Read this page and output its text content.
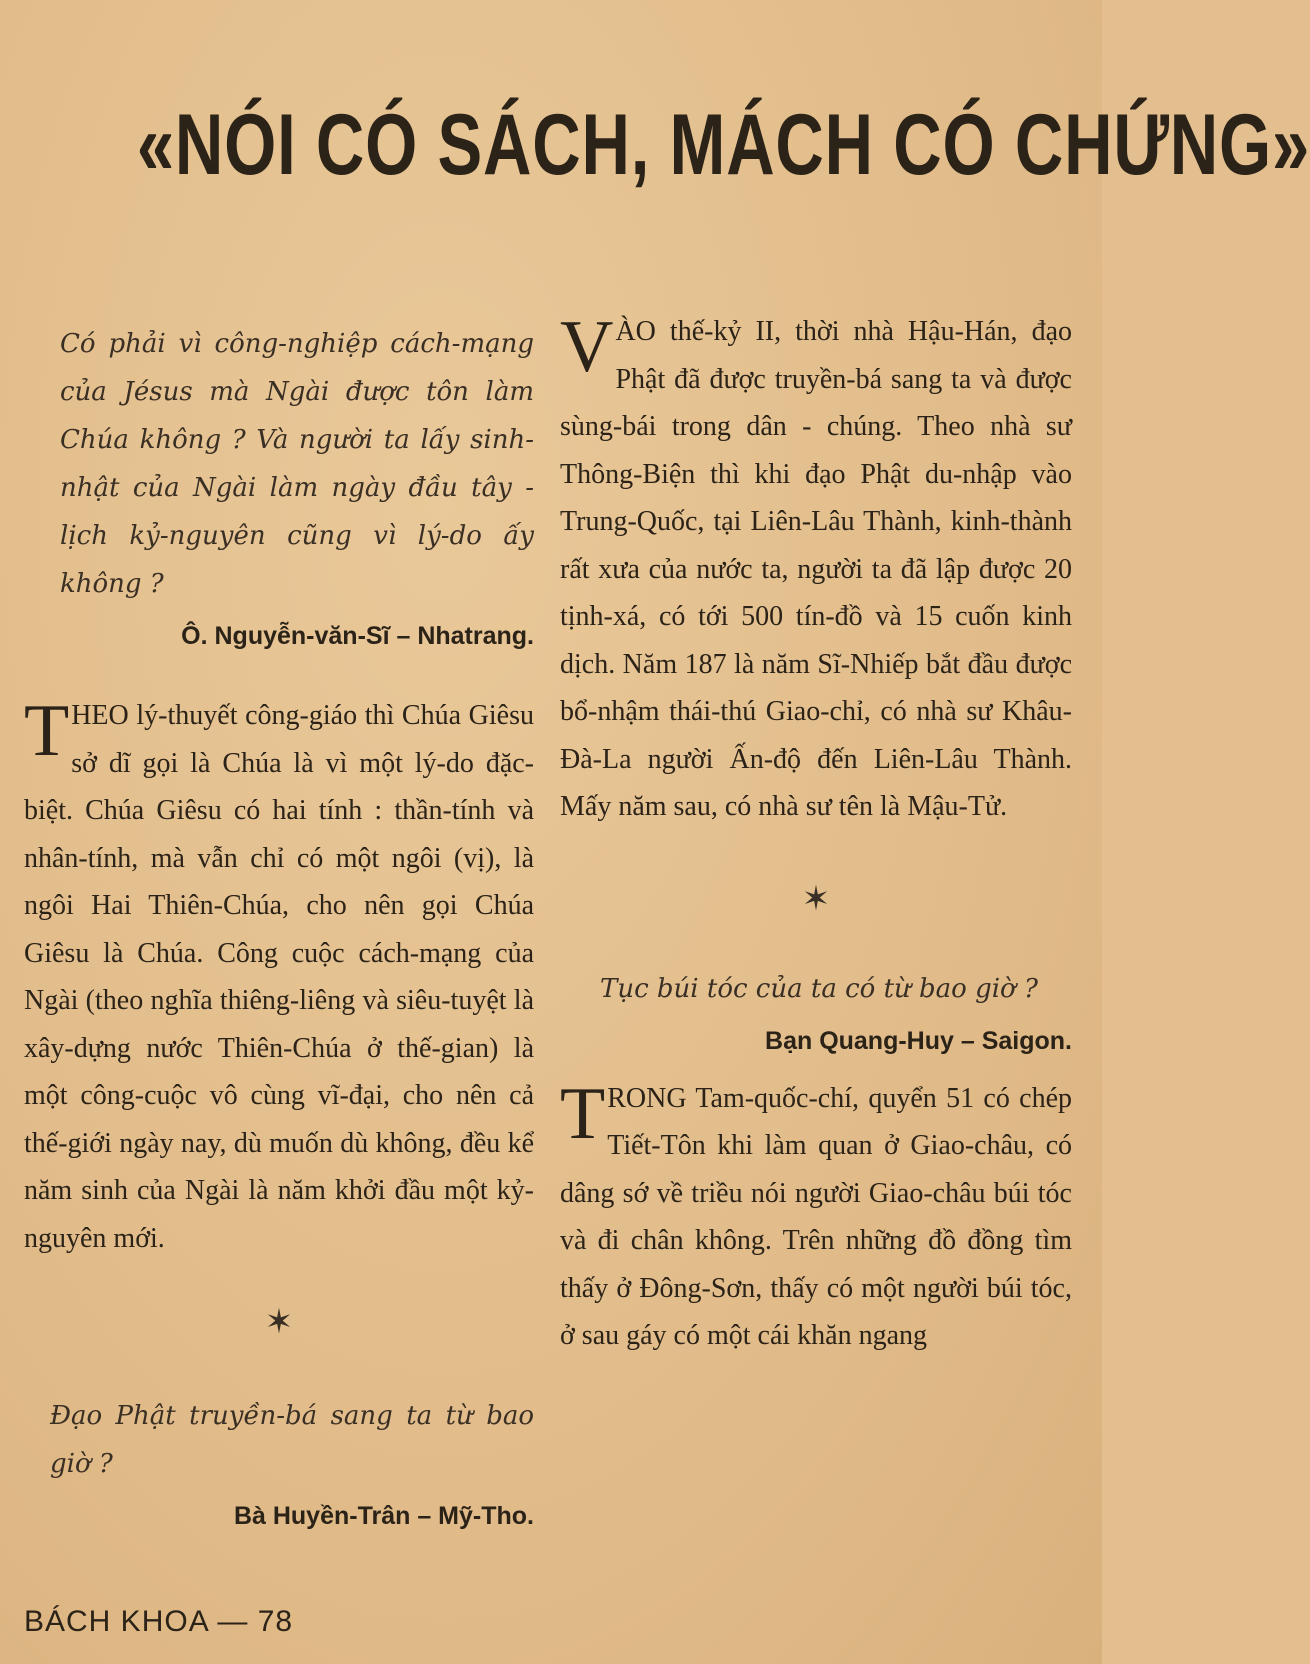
«NÓI CÓ SÁCH, MÁCH CÓ CHỨNG»
Có phải vì công-nghiệp cách-mạng của Jésus mà Ngài được tôn làm Chúa không ? Và người ta lấy sinh-nhật của Ngài làm ngày đầu tây - lịch kỷ-nguyên cũng vì lý-do ấy không ?
Ô. Nguyễn-văn-Sĩ – Nhatrang.
THEO lý-thuyết công-giáo thì Chúa Giêsu sở dĩ gọi là Chúa là vì một lý-do đặc-biệt. Chúa Giêsu có hai tính : thần-tính và nhân-tính, mà vẫn chỉ có một ngôi (vị), là ngôi Hai Thiên-Chúa, cho nên gọi Chúa Giêsu là Chúa. Công cuộc cách-mạng của Ngài (theo nghĩa thiêng-liêng và siêu-tuyệt là xây-dựng nước Thiên-Chúa ở thế-gian) là một công-cuộc vô cùng vĩ-đại, cho nên cả thế-giới ngày nay, dù muốn dù không, đều kể năm sinh của Ngài là năm khởi đầu một kỷ-nguyên mới.
✶
Đạo Phật truyền-bá sang ta từ bao giờ ?
Bà Huyền-Trân – Mỹ-Tho.
VÀO thế-kỷ II, thời nhà Hậu-Hán, đạo Phật đã được truyền-bá sang ta và được sùng-bái trong dân - chúng. Theo nhà sư Thông-Biện thì khi đạo Phật du-nhập vào Trung-Quốc, tại Liên-Lâu Thành, kinh-thành rất xưa của nước ta, người ta đã lập được 20 tịnh-xá, có tới 500 tín-đồ và 15 cuốn kinh dịch. Năm 187 là năm Sĩ-Nhiếp bắt đầu được bổ-nhậm thái-thú Giao-chỉ, có nhà sư Khâu-Đà-La người Ấn-độ đến Liên-Lâu Thành. Mấy năm sau, có nhà sư tên là Mậu-Tử.
✶
Tục búi tóc của ta có từ bao giờ ?
Bạn Quang-Huy – Saigon.
TRONG Tam-quốc-chí, quyển 51 có chép Tiết-Tôn khi làm quan ở Giao-châu, có dâng sớ về triều nói người Giao-châu búi tóc và đi chân không. Trên những đồ đồng tìm thấy ở Đông-Sơn, thấy có một người búi tóc, ở sau gáy có một cái khăn ngang
BÁCH KHOA — 78
